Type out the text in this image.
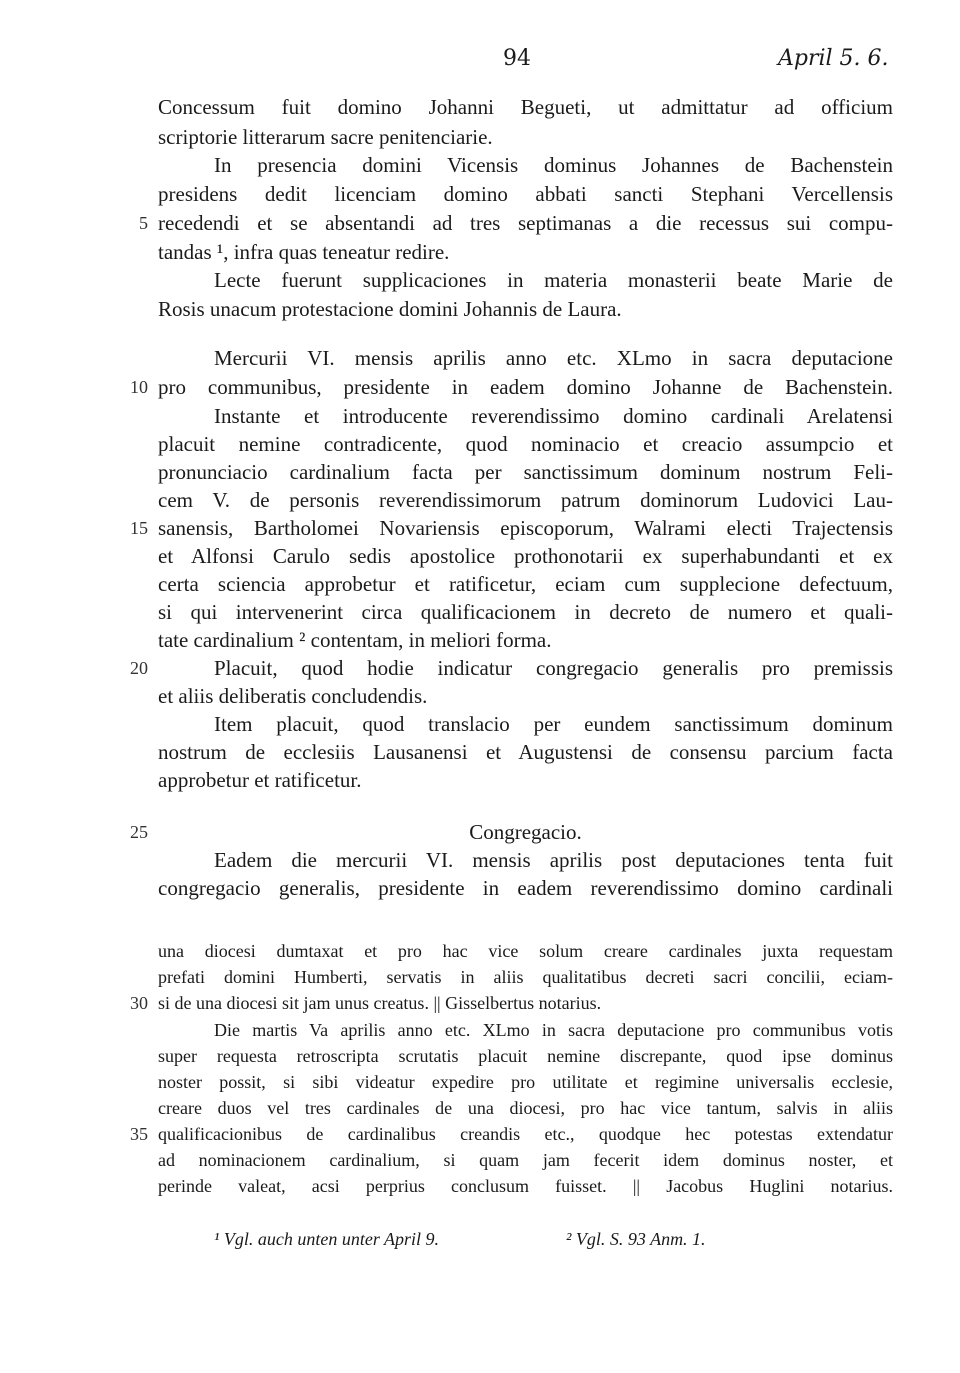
94	April 5. 6.
Concessum fuit domino Johanni Begueti, ut admittatur ad officium
scriptorie litterarum sacre penitenciarie.
In presencia domini Vicensis dominus Johannes de Bachenstein
presidens dedit licenciam domino abbati sancti Stephani Vercellensis
recedendi et se absentandi ad tres septimanas a die recessus sui compu-
tandas ¹, infra quas teneatur redire.
Lecte fuerunt supplicaciones in materia monasterii beate Marie de
Rosis unacum protestacione domini Johannis de Laura.
Mercurii VI. mensis aprilis anno etc. XLmo in sacra deputacione
pro communibus, presidente in eadem domino Johanne de Bachenstein.
Instante et introducente reverendissimo domino cardinali Arelatensi
placuit nemine contradicente, quod nominacio et creacio assumpcio et
pronunciacio cardinalium facta per sanctissimum dominum nostrum Feli-
cem V. de personis reverendissimorum patrum dominorum Ludovici Lau-
sanensis, Bartholomei Novariensis episcoporum, Walrami electi Trajectensis
et Alfonsi Carulo sedis apostolice prothonotarii ex superhabundanti et ex
certa sciencia approbetur et ratificetur, eciam cum supplecione defectuum,
si qui intervenerint circa qualificacionem in decreto de numero et quali-
tate cardinalium ² contentam, in meliori forma.
Placuit, quod hodie indicatur congregacio generalis pro premissis
et aliis deliberatis concludendis.
Item placuit, quod translacio per eundem sanctissimum dominum
nostrum de ecclesiis Lausanensi et Augustensi de consensu parcium facta
approbetur et ratificetur.
Congregacio.
Eadem die mercurii VI. mensis aprilis post deputaciones tenta fuit
congregacio generalis, presidente in eadem reverendissimo domino cardinali
una diocesi dumtaxat et pro hac vice solum creare cardinales juxta requestam
prefati domini Humberti, servatis in aliis qualitatibus decreti sacri concilii, eciam-
si de una diocesi sit jam unus creatus. || Gisselbertus notarius.
Die martis Va aprilis anno etc. XLmo in sacra deputacione pro communibus votis
super requesta retroscripta scrutatis placuit nemine discrepante, quod ipse dominus
noster possit, si sibi videatur expedire pro utilitate et regimine universalis ecclesie,
creare duos vel tres cardinales de una diocesi, pro hac vice tantum, salvis in aliis
qualificacionibus de cardinalibus creandis etc., quodque hec potestas extendatur
ad nominacionem cardinalium, si quam jam fecerit idem dominus noster, et
perinde valeat, acsi perprius conclusum fuisset. || Jacobus Huglini notarius.
5
10
15
20
25
30
35
¹ Vgl. auch unten unter April 9.	² Vgl. S. 93 Anm. 1.
